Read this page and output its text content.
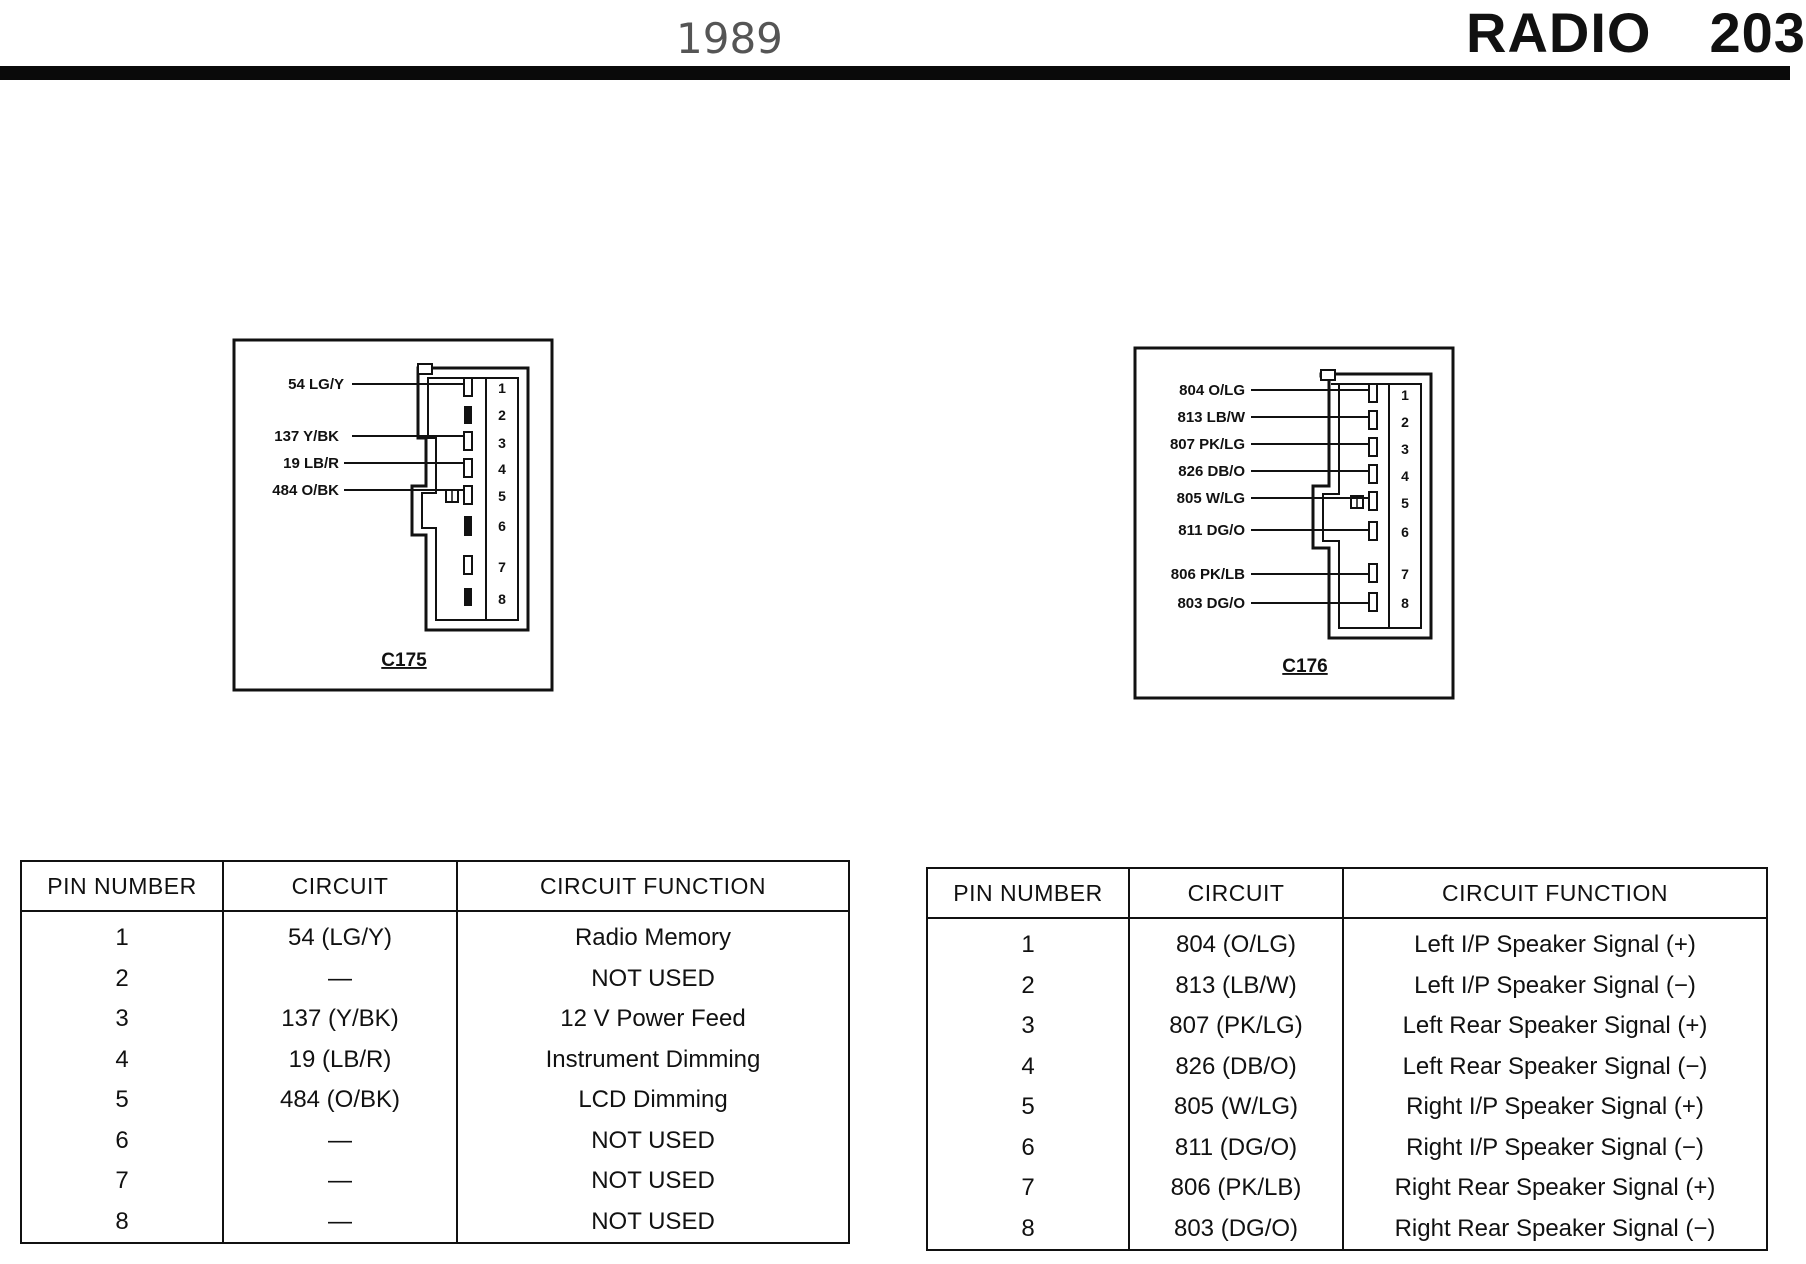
1989	RADIO 203
54 LG/Y
137 Y/BK
19 LB/R
484 O/BK
1
2
3
4
5
6
7
8
C175
804 O/LG
813 LB/W
807 PK/LG
826 DB/O
805 W/LG
811 DG/O
806 PK/LB
803 DG/O
1
2
3
4
5
6
7
8
C176
PIN NUMBER	CIRCUIT	CIRCUIT FUNCTION
1	54 (LG/Y)	Radio Memory
2	—	NOT USED
3	137 (Y/BK)	12 V Power Feed
4	19 (LB/R)	Instrument Dimming
5	484 (O/BK)	LCD Dimming
6	—	NOT USED
7	—	NOT USED
8	—	NOT USED
PIN NUMBER	CIRCUIT	CIRCUIT FUNCTION
1	804 (O/LG)	Left I/P Speaker Signal (+)
2	813 (LB/W)	Left I/P Speaker Signal (−)
3	807 (PK/LG)	Left Rear Speaker Signal (+)
4	826 (DB/O)	Left Rear Speaker Signal (−)
5	805 (W/LG)	Right I/P Speaker Signal (+)
6	811 (DG/O)	Right I/P Speaker Signal (−)
7	806 (PK/LB)	Right Rear Speaker Signal (+)
8	803 (DG/O)	Right Rear Speaker Signal (−)
